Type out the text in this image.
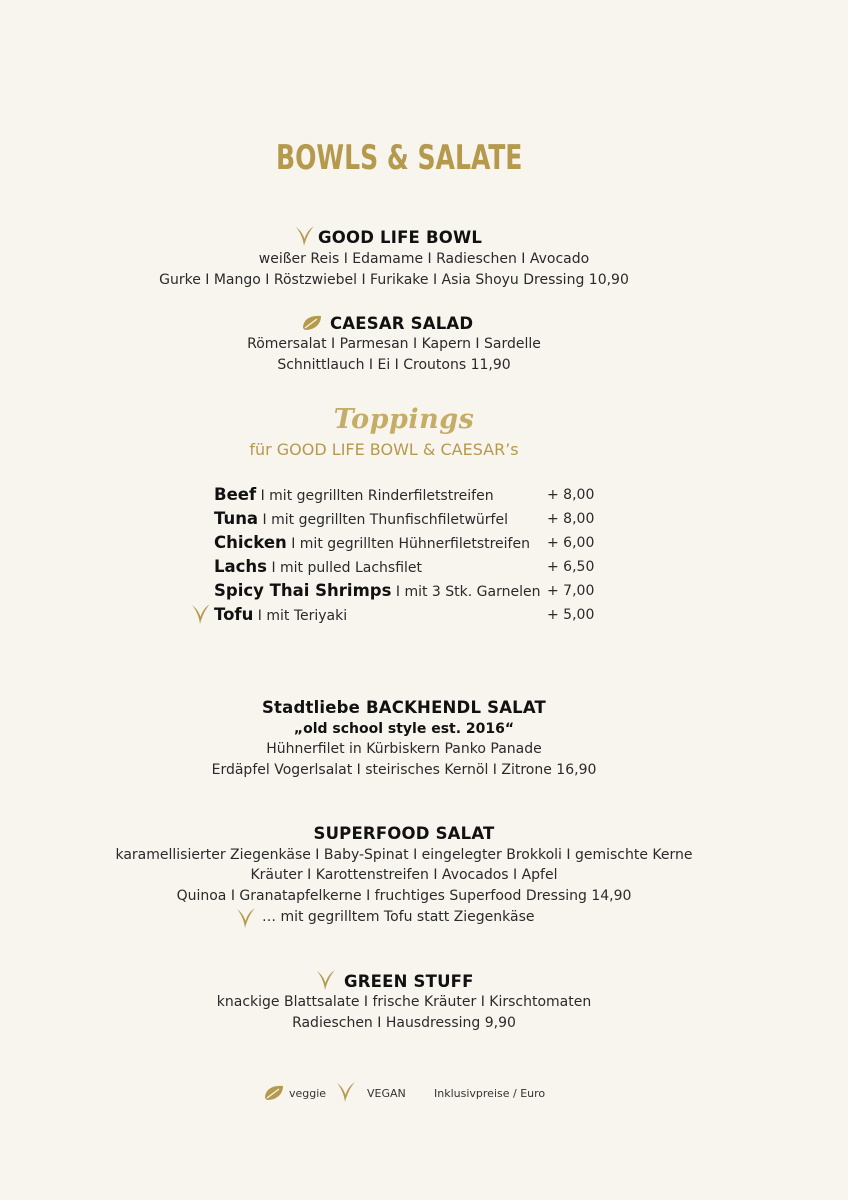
BOWLS & SALATE
GOOD LIFE BOWL
weißer Reis I Edamame I Radieschen I Avocado
Gurke I Mango I Röstzwiebel I Furikake I Asia Shoyu Dressing 10,90
CAESAR SALAD
Römersalat I Parmesan I Kapern I Sardelle
Schnittlauch I Ei I Croutons 11,90
Toppings
für GOOD LIFE BOWL & CAESAR’s
Beef I mit gegrillten Rinderfiletstreifen	+ 8,00
Tuna I mit gegrillten Thunfischfiletwürfel	+ 8,00
Chicken I mit gegrillten Hühnerfiletstreifen + 6,00
Lachs I mit pulled Lachsfilet	+ 6,50
Spicy Thai Shrimps I mit 3 Stk. Garnelen + 7,00
Tofu I mit Teriyaki	+ 5,00
Stadtliebe BACKHENDL SALAT
„old school style est. 2016“
Hühnerfilet in Kürbiskern Panko Panade
Erdäpfel Vogerlsalat I steirisches Kernöl I Zitrone 16,90
SUPERFOOD SALAT
karamellisierter Ziegenkäse I Baby-Spinat I eingelegter Brokkoli I gemischte Kerne
Kräuter I Karottenstreifen I Avocados I Apfel
Quinoa I Granatapfelkerne I fruchtiges Superfood Dressing 14,90
… mit gegrilltem Tofu statt Ziegenkäse
GREEN STUFF
knackige Blattsalate I frische Kräuter I Kirschtomaten
Radieschen I Hausdressing 9,90
veggie	VEGAN	Inklusivpreise / Euro
